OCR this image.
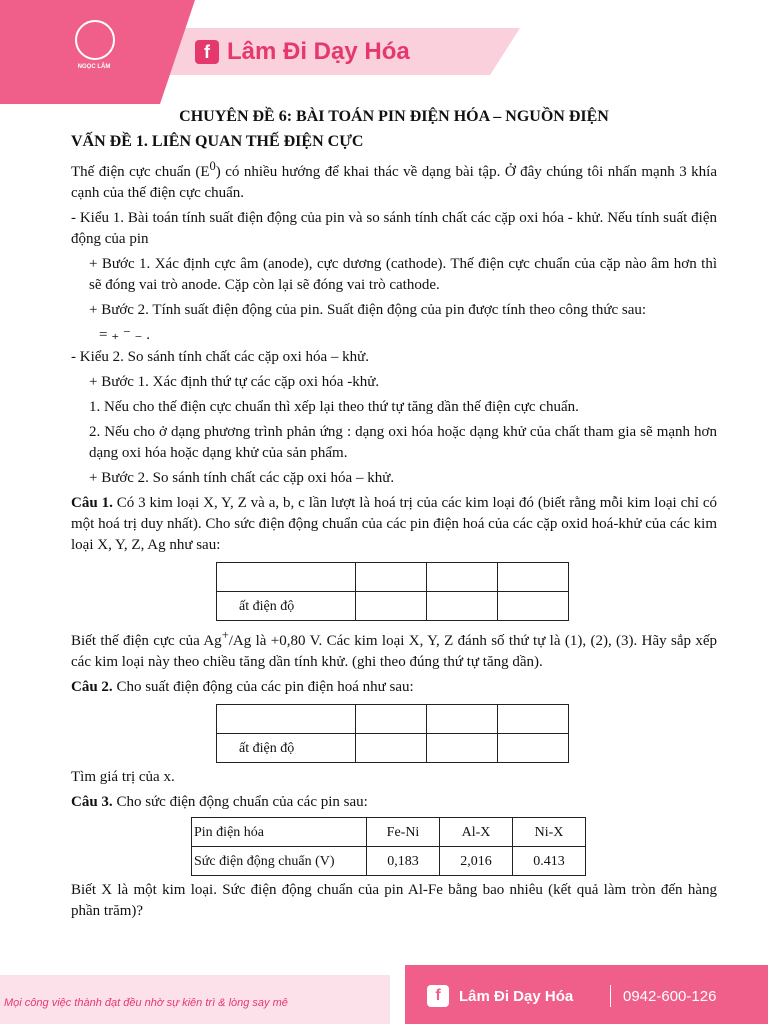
NGỌC LÂM
f Lâm Đi Dạy Hóa
CHUYÊN ĐỀ 6: BÀI TOÁN PIN ĐIỆN HÓA – NGUỒN ĐIỆN
VẤN ĐỀ 1. LIÊN QUAN THẾ ĐIỆN CỰC

Thế điện cực chuẩn $(E^0)$ có nhiều hướng để khai thác về dạng bài tập. Ở đây chúng tôi nhấn mạnh 3 khía cạnh của thế điện cực chuẩn.

- Kiểu 1. Bài toán tính suất điện động của pin và so sánh tính chất các cặp oxi hóa - khử. Nếu tính suất điện động của pin

+ Bước 1. Xác định cực âm (anode), cực dương (cathode). Thế điện cực chuẩn của cặp nào âm hơn thì sẽ đóng vai trò anode. Cặp còn lại sẽ đóng vai trò cathode.

+ Bước 2. Tính suất điện động của pin. Suất điện động của pin được tính theo công thức sau:

= ₊ ⁻ ₋ .

- Kiểu 2. So sánh tính chất các cặp oxi hóa – khử.

+ Bước 1. Xác định thứ tự các cặp oxi hóa -khử.

1. Nếu cho thế điện cực chuẩn thì xếp lại theo thứ tự tăng dần thế điện cực chuẩn.

2. Nếu cho ở dạng phương trình phản ứng : dạng oxi hóa hoặc dạng khử của chất tham gia sẽ mạnh hơn dạng oxi hóa hoặc dạng khử của sản phẩm.

+ Bước 2. So sánh tính chất các cặp oxi hóa – khử.

Câu 1. Có 3 kim loại X, Y, Z và a, b, c lần lượt là hoá trị của các kim loại đó (biết rằng mỗi kim loại chỉ có một hoá trị duy nhất). Cho sức điện động chuẩn của các pin điện hoá của các cặp oxid hoá-khử của các kim loại X, Y, Z, Ag như sau:

ất điện độ			

Biết thế điện cực của Ag+/Ag là +0,80 V. Các kim loại X, Y, Z đánh số thứ tự là (1), (2), (3). Hãy sắp xếp các kim loại này theo chiều tăng dần tính khử. (ghi theo đúng thứ tự tăng dần).

Câu 2. Cho suất điện động của các pin điện hoá như sau:

ất điện độ			

Tìm giá trị của x.

Câu 3. Cho sức điện động chuẩn của các pin sau:

Pin điện hóa	Fe-Ni	Al-X	Ni-X
Sức điện động chuẩn (V)	0,183	2,016	0.413

Biết X là một kim loại. Sức điện động chuẩn của pin Al-Fe bằng bao nhiêu (kết quả làm tròn đến hàng phần trăm)?

Mọi công việc thành đạt đều nhờ sự kiên trì & lòng say mê	f	Lâm Đi Dạy Hóa	0942-600-126
